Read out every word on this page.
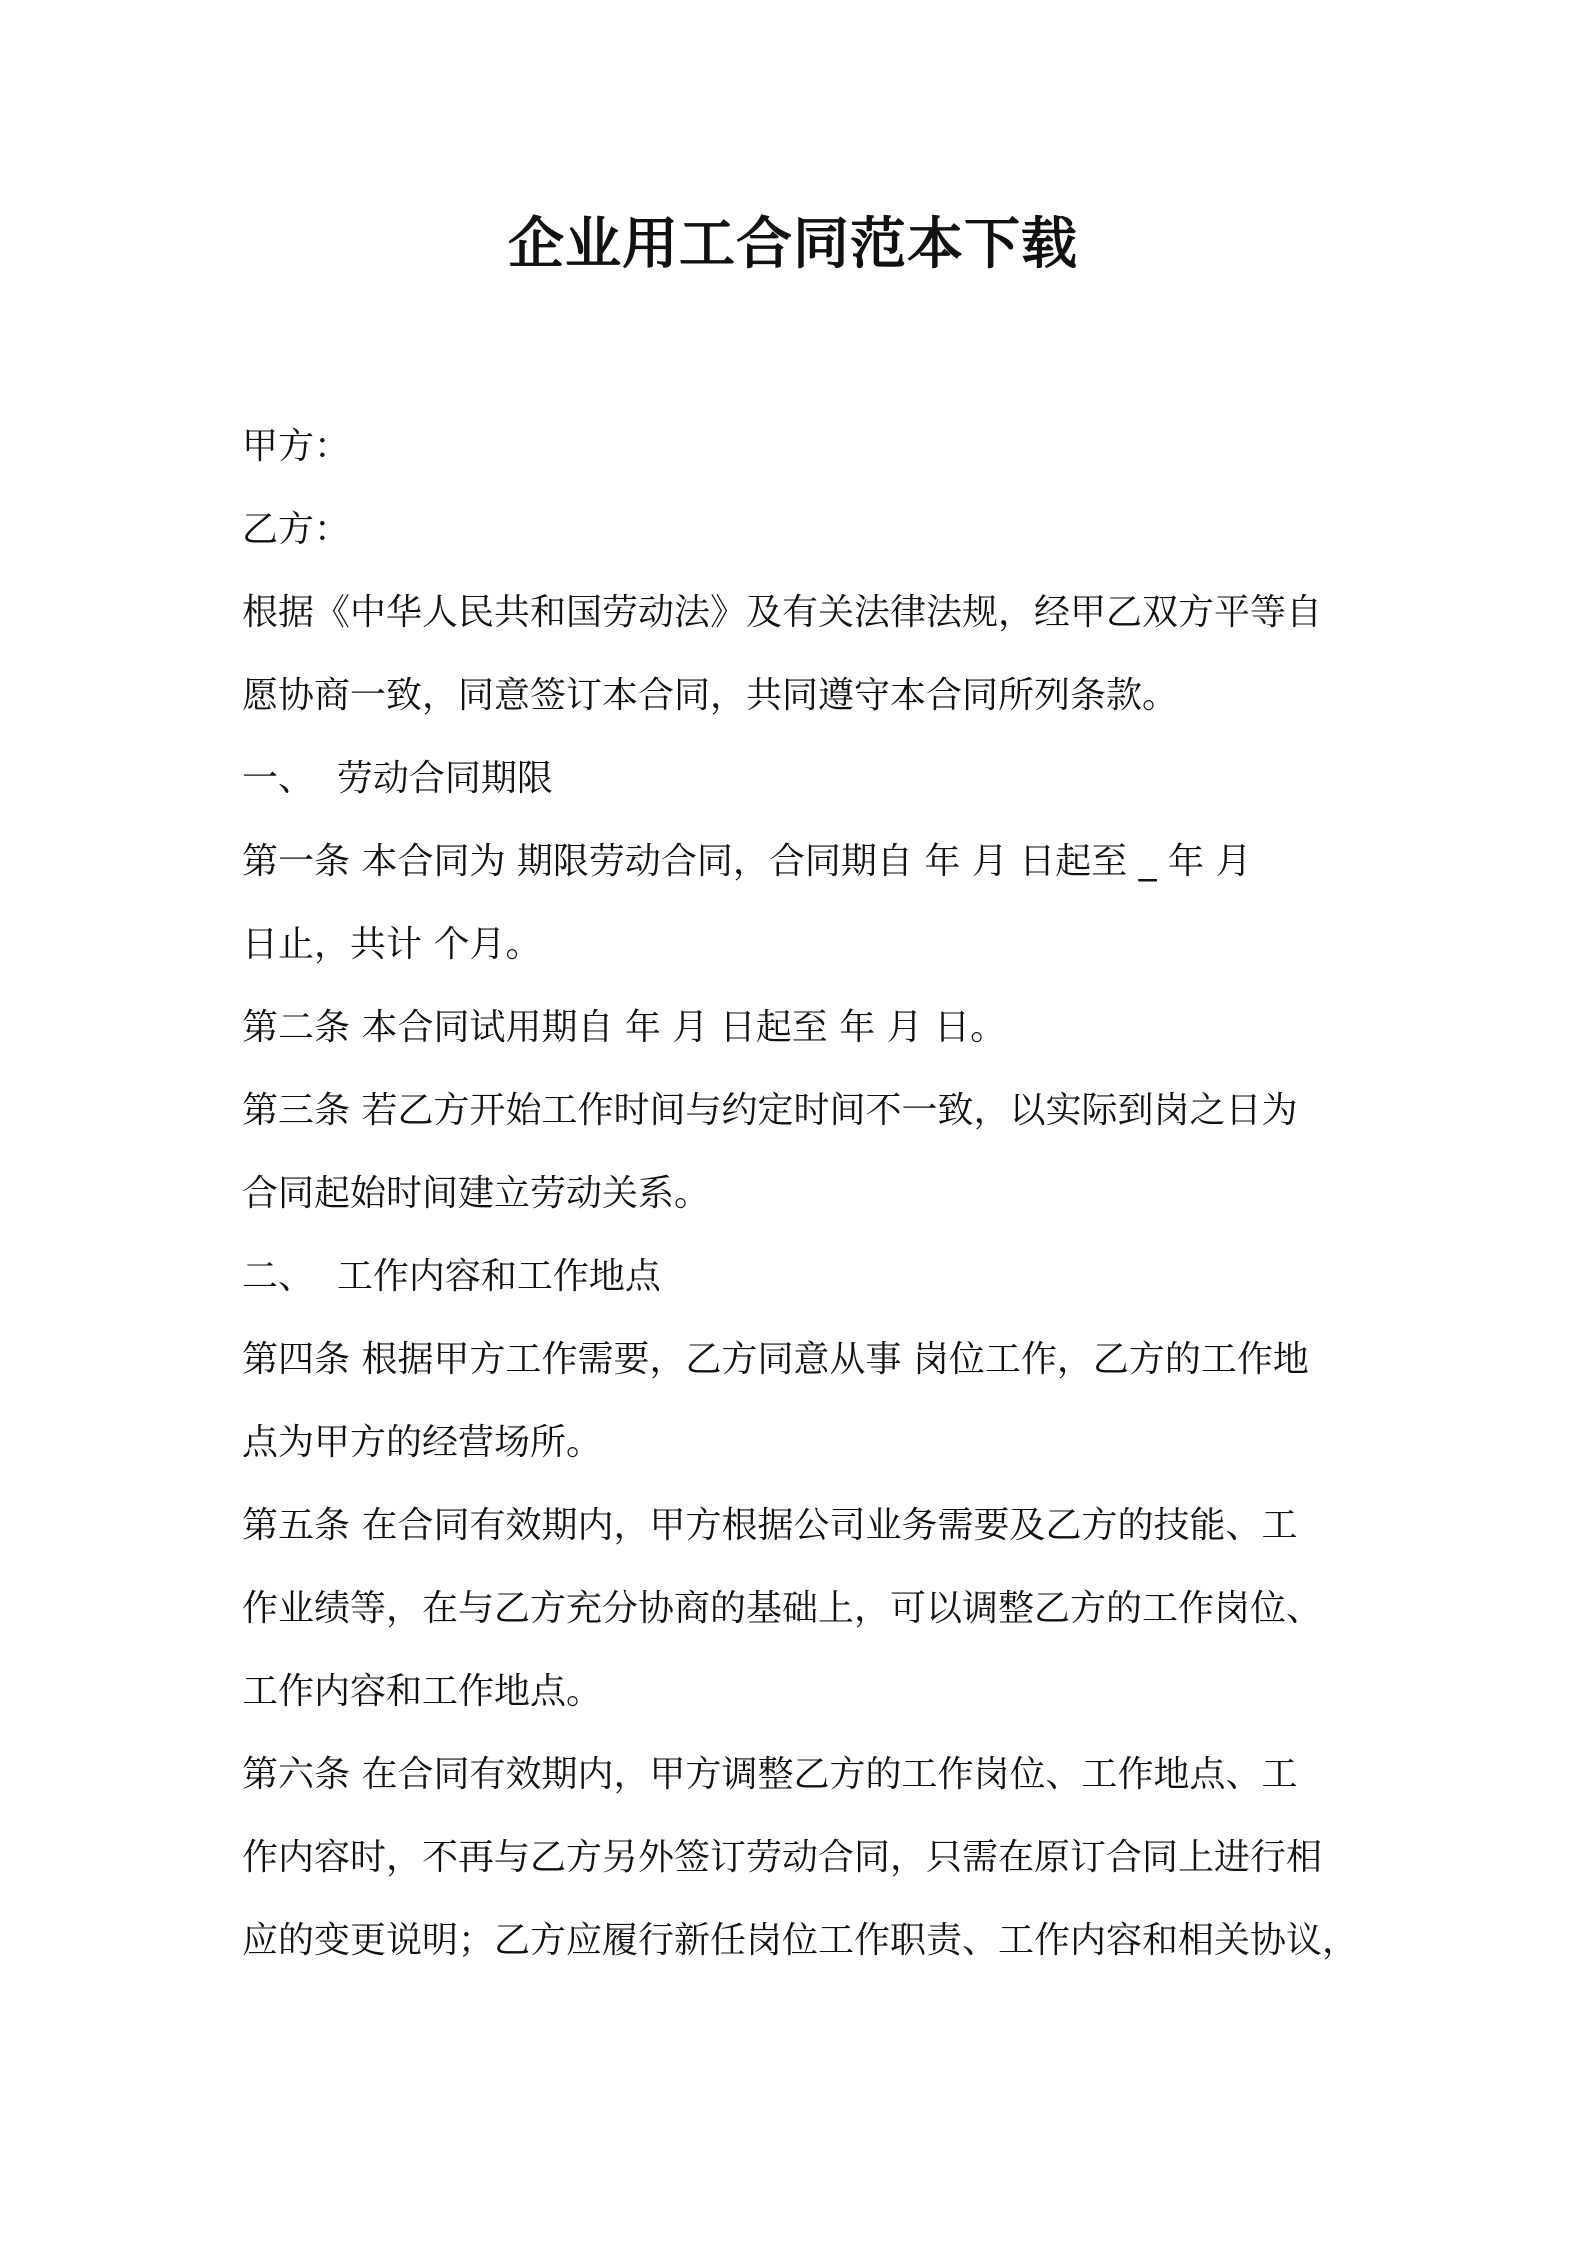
企业用工合同范本下载
甲方：
乙方：
根据《中华人民共和国劳动法》及有关法律法规，经甲乙双方平等自
愿协商一致，同意签订本合同，共同遵守本合同所列条款。
一、  劳动合同期限
第一条 本合同为 期限劳动合同，合同期自 年 月 日起至 _ 年 月
日止，共计 个月。
第二条 本合同试用期自 年 月 日起至 年 月 日。
第三条 若乙方开始工作时间与约定时间不一致，以实际到岗之日为
合同起始时间建立劳动关系。
二、  工作内容和工作地点
第四条 根据甲方工作需要，乙方同意从事 岗位工作，乙方的工作地
点为甲方的经营场所。
第五条 在合同有效期内，甲方根据公司业务需要及乙方的技能、工
作业绩等，在与乙方充分协商的基础上，可以调整乙方的工作岗位、
工作内容和工作地点。
第六条 在合同有效期内，甲方调整乙方的工作岗位、工作地点、工
作内容时，不再与乙方另外签订劳动合同，只需在原订合同上进行相
应的变更说明；乙方应履行新任岗位工作职责、工作内容和相关协议，
